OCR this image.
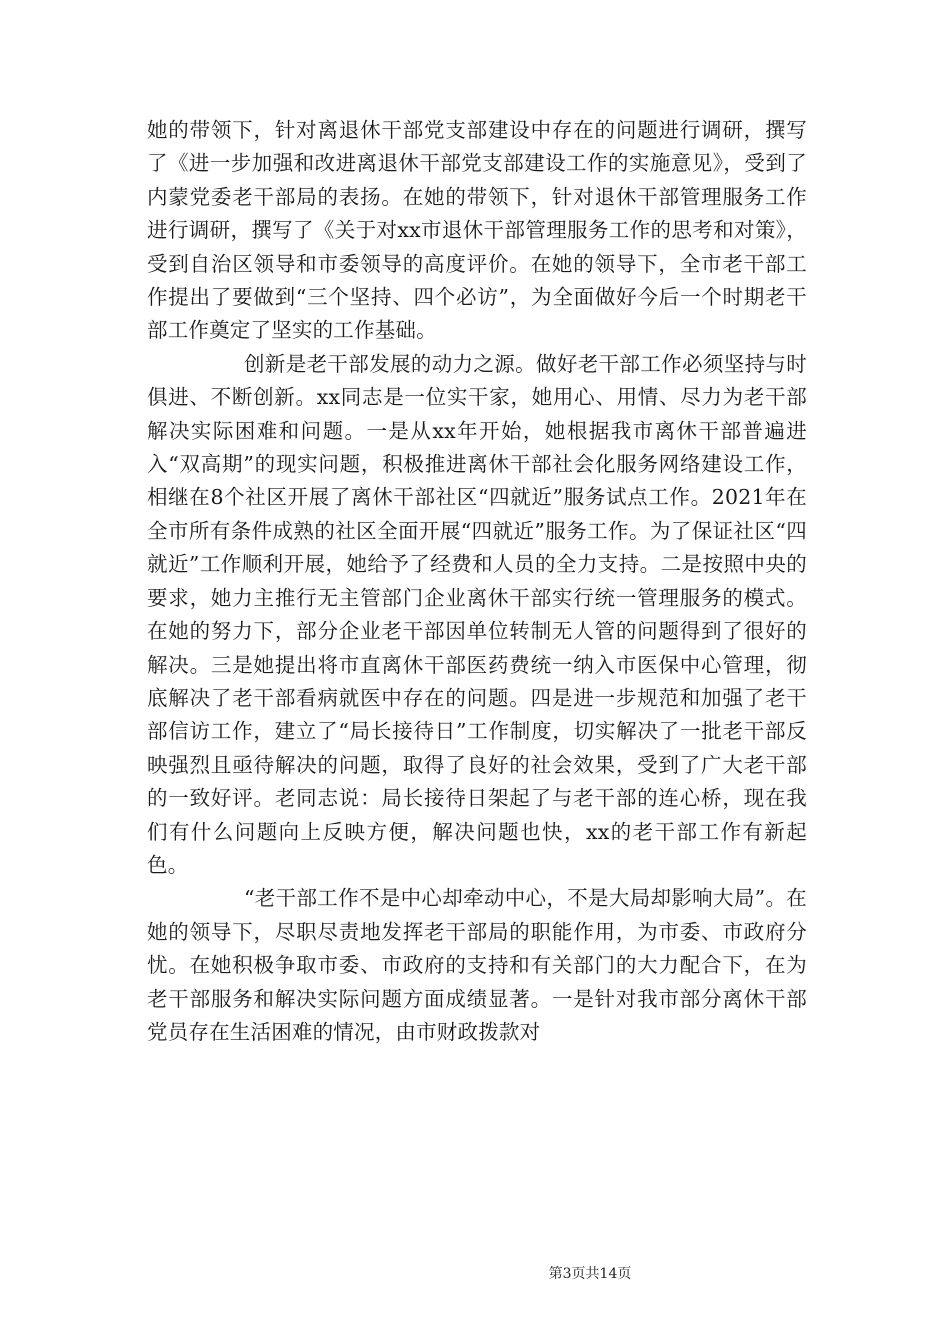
她的带领下，针对离退休干部党支部建设中存在的问题进行调研，撰写了《进一步加强和改进离退休干部党支部建设工作的实施意见》，受到了内蒙党委老干部局的表扬。在她的带领下，针对退休干部管理服务工作进行调研，撰写了《关于对xx市退休干部管理服务工作的思考和对策》，受到自治区领导和市委领导的高度评价。在她的领导下，全市老干部工作提出了要做到“三个坚持、四个必访”，为全面做好今后一个时期老干部工作奠定了坚实的工作基础。

创新是老干部发展的动力之源。做好老干部工作必须坚持与时俱进、不断创新。xx同志是一位实干家，她用心、用情、尽力为老干部解决实际困难和问题。一是从xx年开始，她根据我市离休干部普遍进入“双高期”的现实问题，积极推进离休干部社会化服务网络建设工作，相继在8个社区开展了离休干部社区“四就近”服务试点工作。2021年在全市所有条件成熟的社区全面开展“四就近”服务工作。为了保证社区“四就近”工作顺利开展，她给予了经费和人员的全力支持。二是按照中央的要求，她力主推行无主管部门企业离休干部实行统一管理服务的模式。在她的努力下，部分企业老干部因单位转制无人管的问题得到了很好的解决。三是她提出将市直离休干部医药费统一纳入市医保中心管理，彻底解决了老干部看病就医中存在的问题。四是进一步规范和加强了老干部信访工作，建立了“局长接待日”工作制度，切实解决了一批老干部反映强烈且亟待解决的问题，取得了良好的社会效果，受到了广大老干部的一致好评。老同志说：局长接待日架起了与老干部的连心桥，现在我们有什么问题向上反映方便，解决问题也快，xx的老干部工作有新起色。

“老干部工作不是中心却牵动中心，不是大局却影响大局”。在她的领导下，尽职尽责地发挥老干部局的职能作用，为市委、市政府分忧。在她积极争取市委、市政府的支持和有关部门的大力配合下，在为老干部服务和解决实际问题方面成绩显著。一是针对我市部分离休干部党员存在生活困难的情况，由市财政拨款对

第3页共14页
